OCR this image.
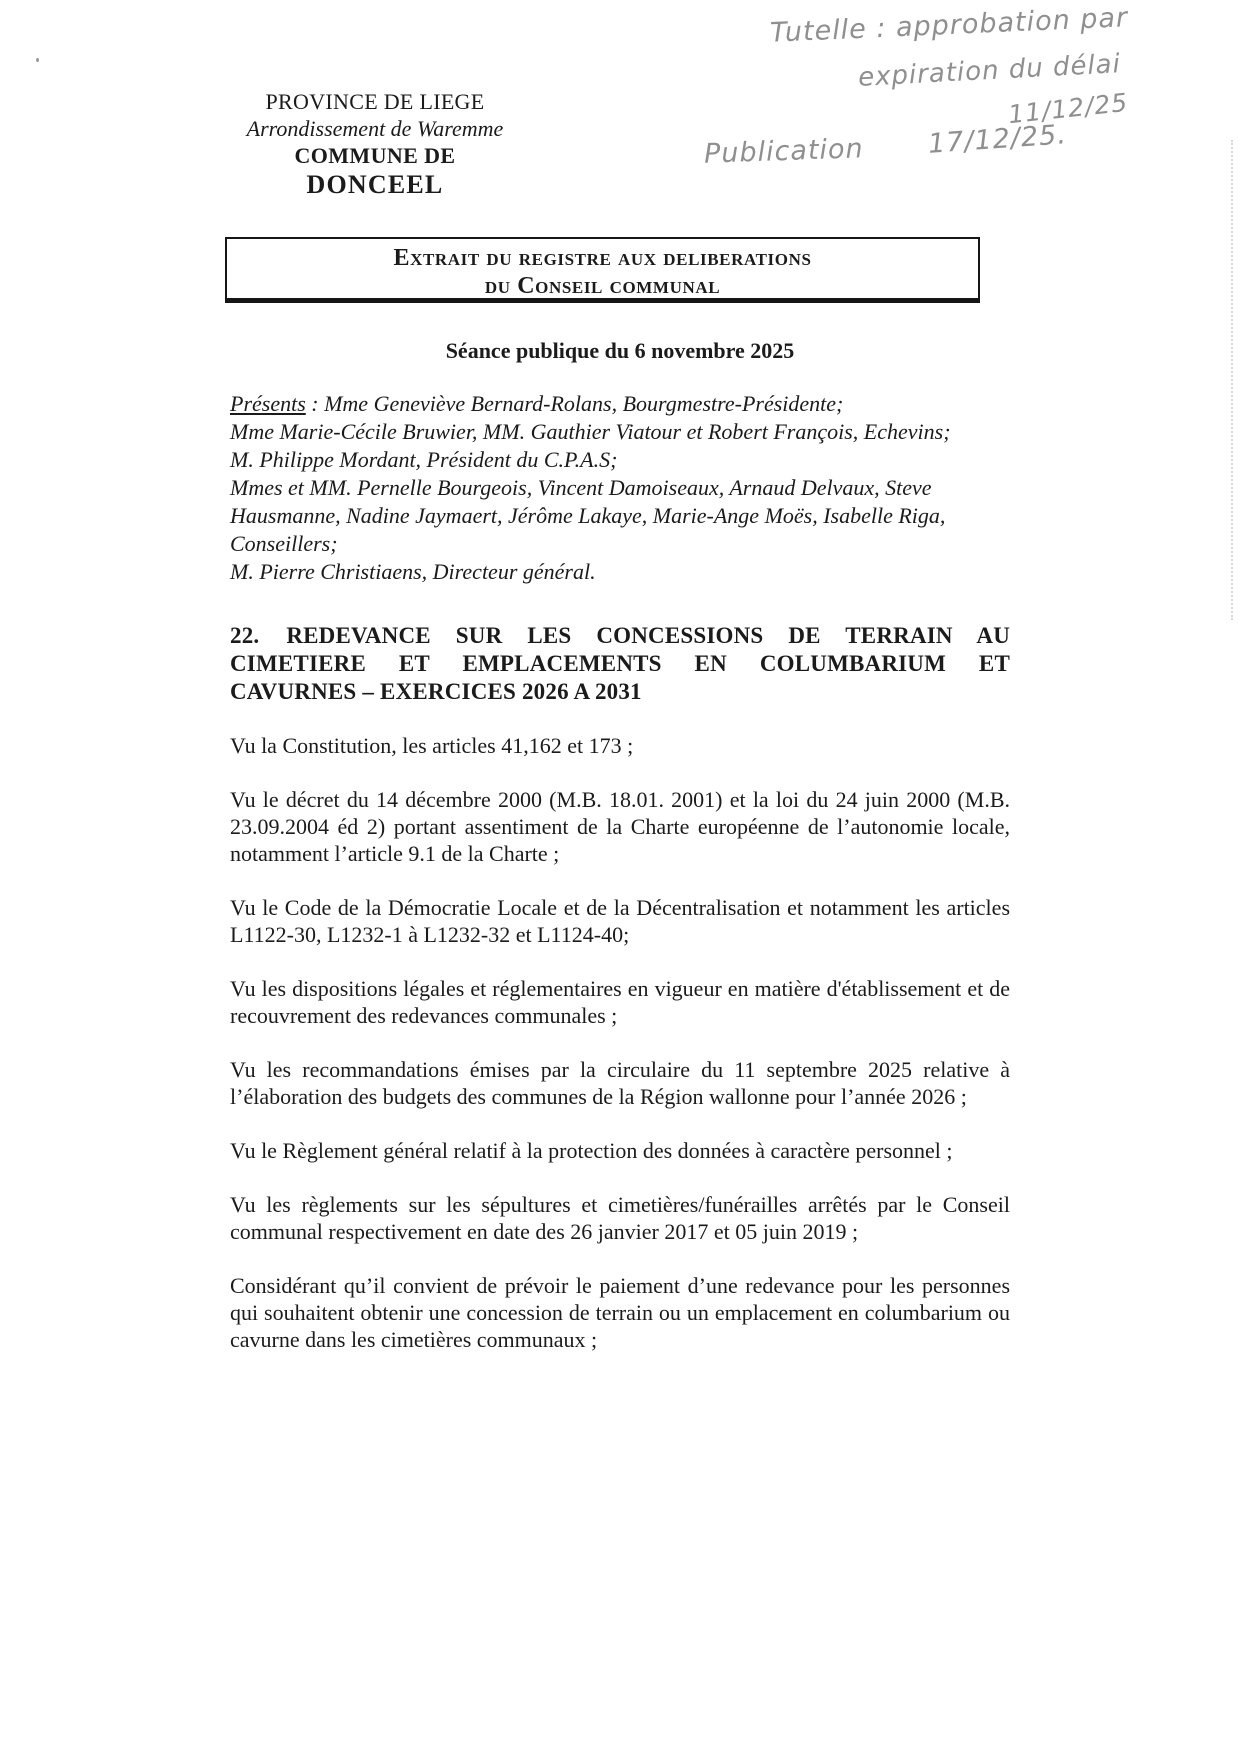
Tutelle : approbation par
expiration du délai
11/12/25
Publication 17/12/25.
PROVINCE DE LIEGE
Arrondissement de Waremme
COMMUNE DE
DONCEEL
Extrait du registre aux deliberations
du Conseil communal

Séance publique du 6 novembre 2025

Présents : Mme Geneviève Bernard-Rolans, Bourgmestre-Présidente;
Mme Marie-Cécile Bruwier, MM. Gauthier Viatour et Robert François, Echevins;
M. Philippe Mordant, Président du C.P.A.S;
Mmes et MM. Pernelle Bourgeois, Vincent Damoiseaux, Arnaud Delvaux, Steve Hausmanne, Nadine Jaymaert, Jérôme Lakaye, Marie-Ange Moës, Isabelle Riga, Conseillers;
M. Pierre Christiaens, Directeur général.

22. REDEVANCE SUR LES CONCESSIONS DE TERRAIN AU
CIMETIERE ET EMPLACEMENTS EN COLUMBARIUM ET
CAVURNES – EXERCICES 2026 A 2031

Vu la Constitution, les articles 41,162 et 173 ;

Vu le décret du 14 décembre 2000 (M.B. 18.01. 2001) et la loi du 24 juin 2000 (M.B. 23.09.2004 éd 2) portant assentiment de la Charte européenne de l’autonomie locale, notamment l’article 9.1 de la Charte ;

Vu le Code de la Démocratie Locale et de la Décentralisation et notamment les articles L1122-30, L1232-1 à L1232-32 et L1124-40;

Vu les dispositions légales et réglementaires en vigueur en matière d'établissement et de recouvrement des redevances communales ;

Vu les recommandations émises par la circulaire du 11 septembre 2025 relative à l’élaboration des budgets des communes de la Région wallonne pour l’année 2026 ;

Vu le Règlement général relatif à la protection des données à caractère personnel ;

Vu les règlements sur les sépultures et cimetières/funérailles arrêtés par le Conseil communal respectivement en date des 26 janvier 2017 et 05 juin 2019 ;

Considérant qu’il convient de prévoir le paiement d’une redevance pour les personnes qui souhaitent obtenir une concession de terrain ou un emplacement en columbarium ou cavurne dans les cimetières communaux ;
